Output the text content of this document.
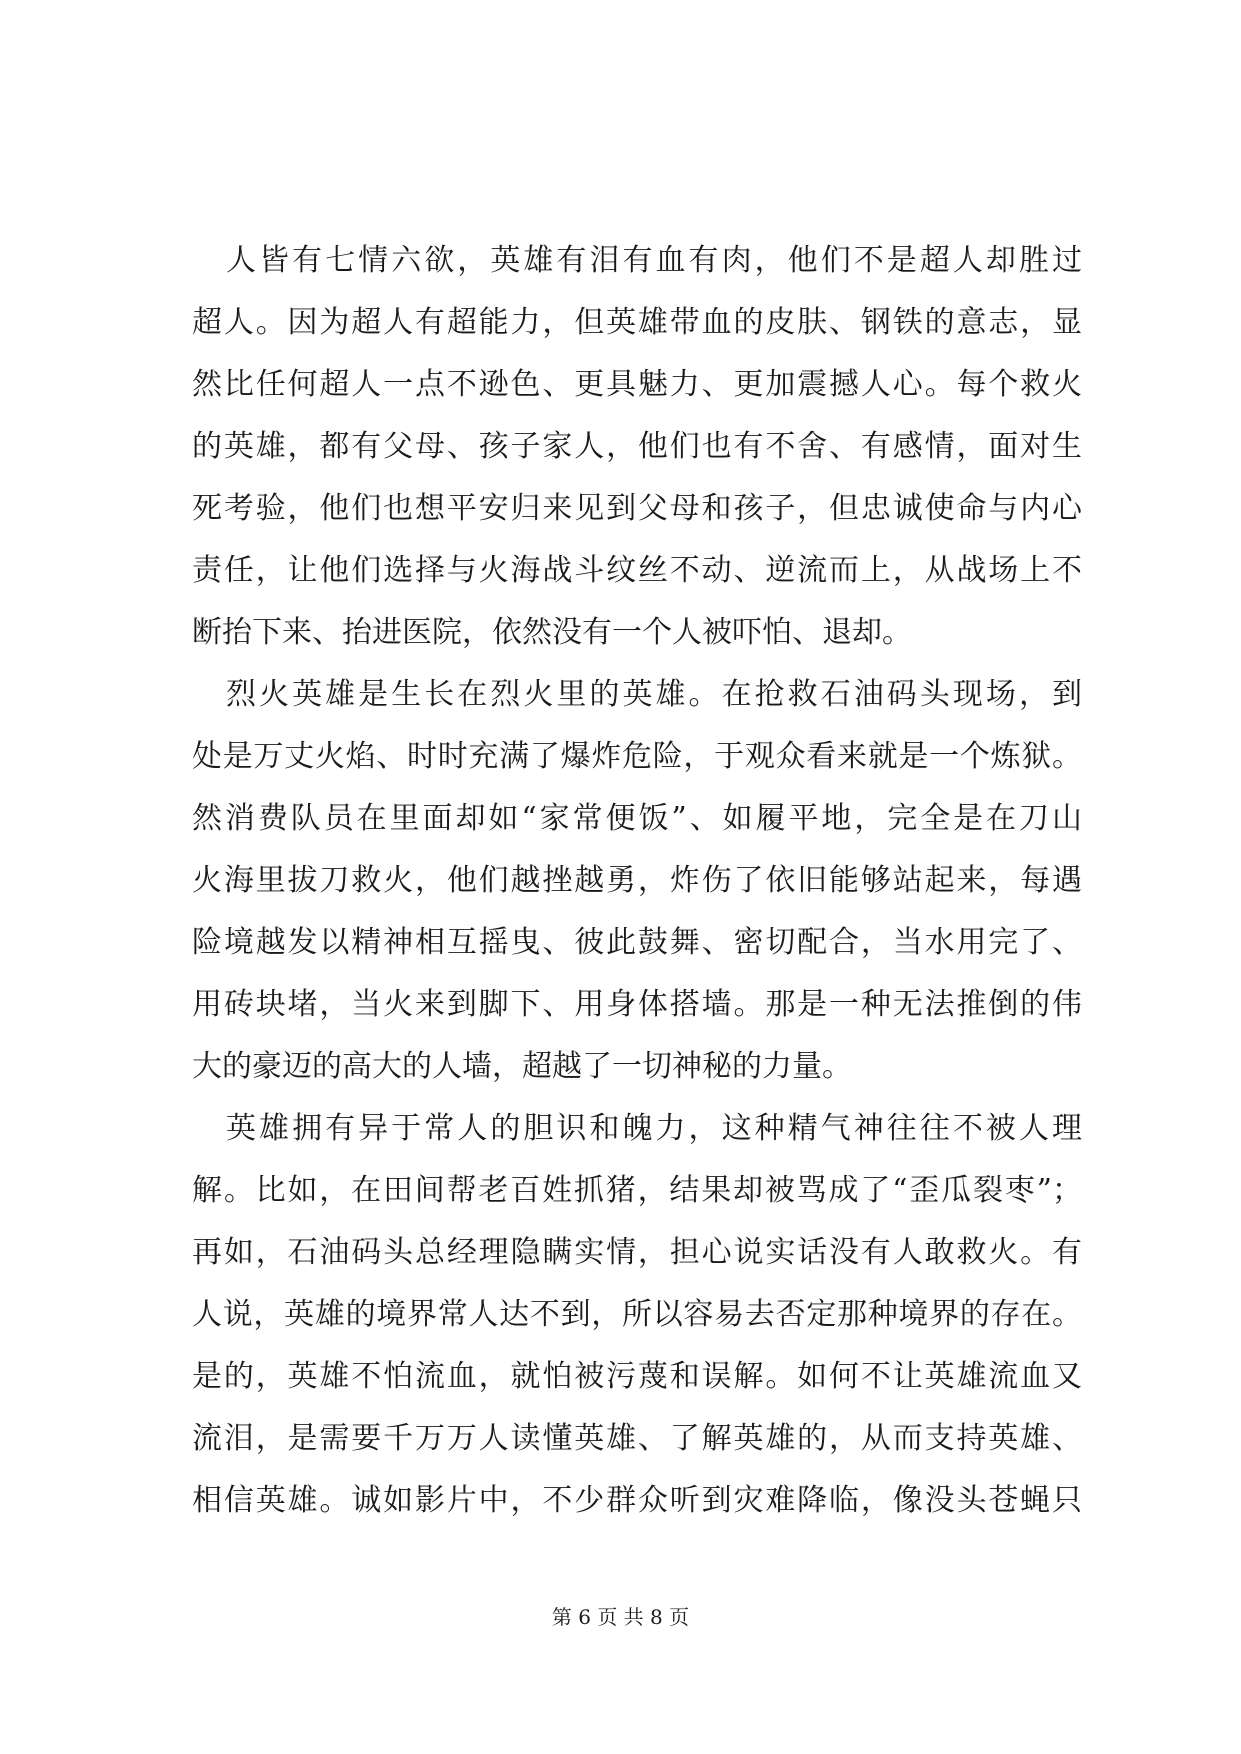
人皆有七情六欲，英雄有泪有血有肉，他们不是超人却胜过
超人。因为超人有超能力，但英雄带血的皮肤、钢铁的意志，显
然比任何超人一点不逊色、更具魅力、更加震撼人心。每个救火
的英雄，都有父母、孩子家人，他们也有不舍、有感情，面对生
死考验，他们也想平安归来见到父母和孩子，但忠诚使命与内心
责任，让他们选择与火海战斗纹丝不动、逆流而上，从战场上不
断抬下来、抬进医院，依然没有一个人被吓怕、退却。
烈火英雄是生长在烈火里的英雄。在抢救石油码头现场，到
处是万丈火焰、时时充满了爆炸危险，于观众看来就是一个炼狱。
然消费队员在里面却如“家常便饭”、如履平地，完全是在刀山
火海里拔刀救火，他们越挫越勇，炸伤了依旧能够站起来，每遇
险境越发以精神相互摇曳、彼此鼓舞、密切配合，当水用完了、
用砖块堵，当火来到脚下、用身体搭墙。那是一种无法推倒的伟
大的豪迈的高大的人墙，超越了一切神秘的力量。
英雄拥有异于常人的胆识和魄力，这种精气神往往不被人理
解。比如，在田间帮老百姓抓猪，结果却被骂成了“歪瓜裂枣”；
再如，石油码头总经理隐瞒实情，担心说实话没有人敢救火。有
人说，英雄的境界常人达不到，所以容易去否定那种境界的存在。
是的，英雄不怕流血，就怕被污蔑和误解。如何不让英雄流血又
流泪，是需要千万万人读懂英雄、了解英雄的，从而支持英雄、
相信英雄。诚如影片中，不少群众听到灾难降临，像没头苍蝇只
第 6 页 共 8 页
